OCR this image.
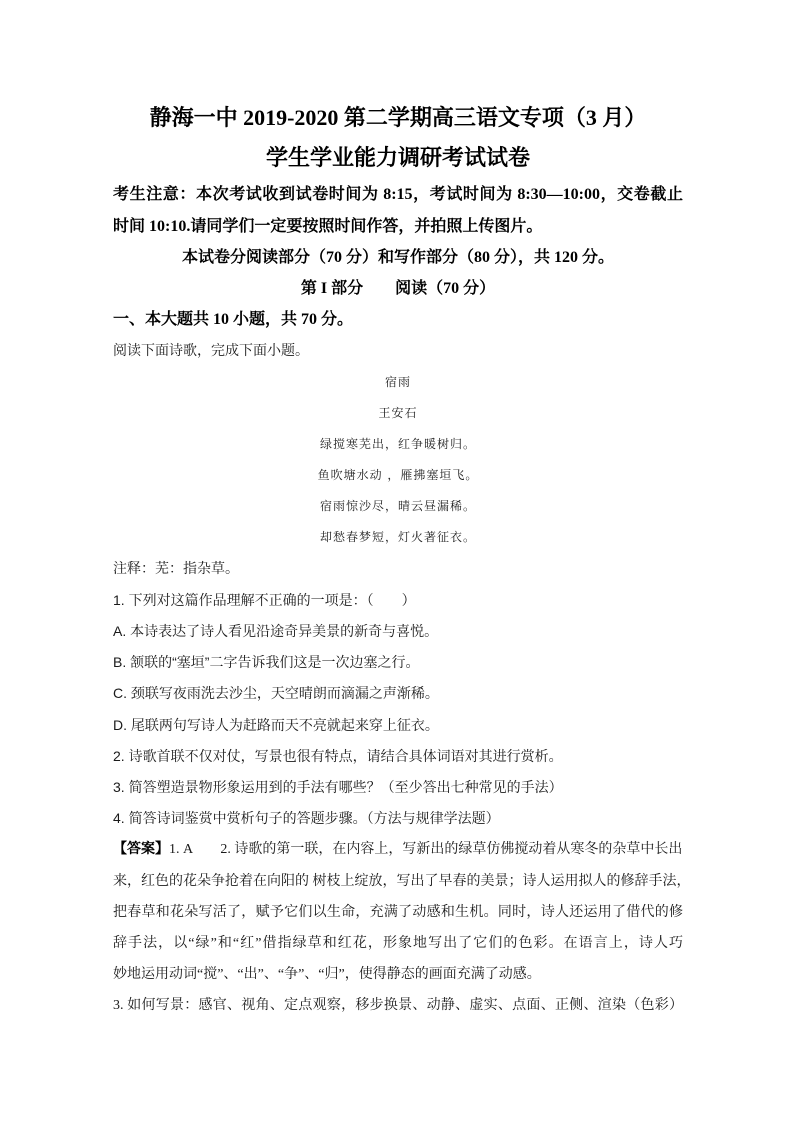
静海一中 2019-2020 第二学期高三语文专项（3 月）
学生学业能力调研考试试卷
考生注意：本次考试收到试卷时间为 8:15，考试时间为 8:30—10:00，交卷截止
时间 10:10.请同学们一定要按照时间作答，并拍照上传图片。
本试卷分阅读部分（70 分）和写作部分（80 分），共 120 分。
第 I 部分　　阅读（70 分）
一、本大题共 10 小题，共 70 分。
阅读下面诗歌，完成下面小题。
宿雨
王安石
绿搅寒芜出，红争暖树归。
鱼吹塘水动 ，雁拂塞垣飞。
宿雨惊沙尽，晴云昼漏稀。
却愁春梦短，灯火著征衣。
注释：芜：指杂草。
1. 下列对这篇作品理解不正确的一项是：（　　）
A. 本诗表达了诗人看见沿途奇异美景的新奇与喜悦。
B. 颔联的“塞垣”二字告诉我们这是一次边塞之行。
C. 颈联写夜雨洗去沙尘，天空晴朗而滴漏之声渐稀。
D. 尾联两句写诗人为赶路而天不亮就起来穿上征衣。
2. 诗歌首联不仅对仗，写景也很有特点，请结合具体词语对其进行赏析。
3. 简答塑造景物形象运用到的手法有哪些？（至少答出七种常见的手法）
4. 简答诗词鉴赏中赏析句子的答题步骤。（方法与规律学法题）
【答案】1. A　　2. 诗歌的第一联，在内容上，写新出的绿草仿佛搅动着从寒冬的杂草中长出
来，红色的花朵争抢着在向阳的 树枝上绽放，写出了早春的美景；诗人运用拟人的修辞手法，
把春草和花朵写活了，赋予它们以生命，充满了动感和生机。同时，诗人还运用了借代的修
辞手法，以“绿”和“红”借指绿草和红花，形象地写出了它们的色彩。在语言上，诗人巧
妙地运用动词“搅”、“出”、“争”、“归”，使得静态的画面充满了动感。
3. 如何写景：感官、视角、定点观察，移步换景、动静、虚实、点面、正侧、渲染（色彩）
